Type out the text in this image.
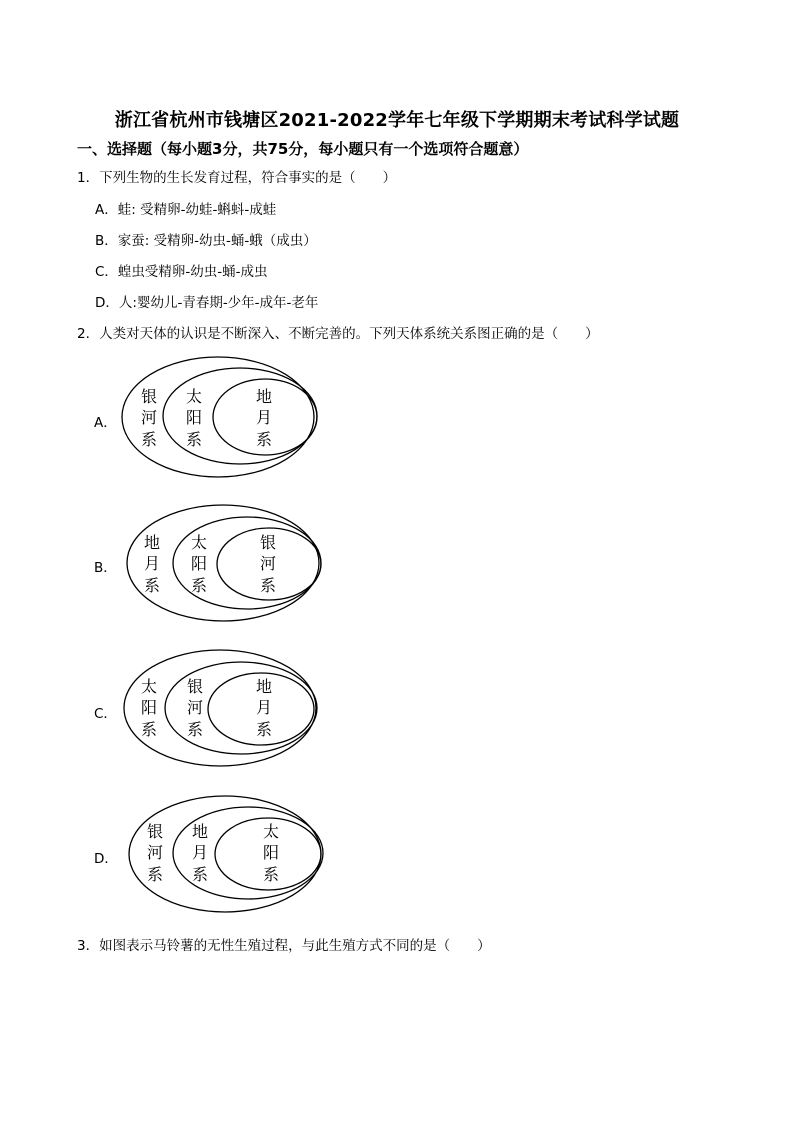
浙江省杭州市钱塘区2021-2022学年七年级下学期期末考试科学试题
一、选择题（每小题3分，共75分，每小题只有一个选项符合题意）
1．下列生物的生长发育过程，符合事实的是（　　）
A．蛙: 受精卵-幼蛙-蝌蚪-成蛙
B．家蚕: 受精卵-幼虫-蛹-蛾（成虫）
C．蝗虫受精卵-幼虫-蛹-成虫
D．人:婴幼儿-青春期-少年-成年-老年
2．人类对天体的认识是不断深入、不断完善的。下列天体系统关系图正确的是（　　）
A．
银
河
系
太
阳
系
地
月
系
B．
地
月
系
太
阳
系
银
河
系
C．
太
阳
系
银
河
系
地
月
系
D．
银
河
系
地
月
系
太
阳
系
3．如图表示马铃薯的无性生殖过程，与此生殖方式不同的是（　　）
